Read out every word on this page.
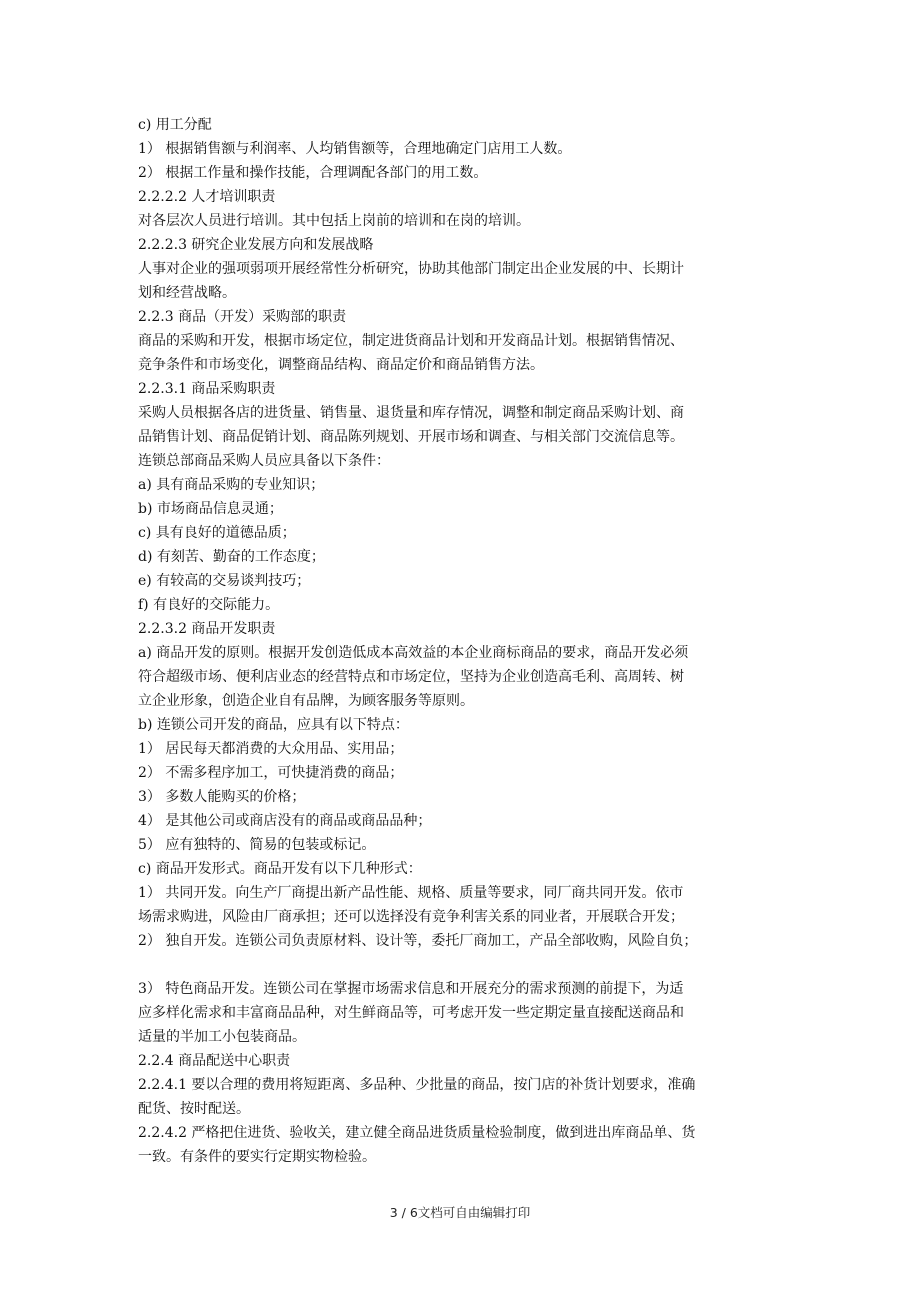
c) 用工分配

1） 根据销售额与利润率、人均销售额等，合理地确定门店用工人数。

2） 根据工作量和操作技能，合理调配各部门的用工数。

2.2.2.2 人才培训职责

对各层次人员进行培训。其中包括上岗前的培训和在岗的培训。

2.2.2.3 研究企业发展方向和发展战略

人事对企业的强项弱项开展经常性分析研究，协助其他部门制定出企业发展的中、长期计

划和经营战略。

2.2.3 商品（开发）采购部的职责

商品的采购和开发，根据市场定位，制定进货商品计划和开发商品计划。根据销售情况、

竞争条件和市场变化，调整商品结构、商品定价和商品销售方法。

2.2.3.1 商品采购职责

采购人员根据各店的进货量、销售量、退货量和库存情况，调整和制定商品采购计划、商

品销售计划、商品促销计划、商品陈列规划、开展市场和调查、与相关部门交流信息等。

连锁总部商品采购人员应具备以下条件：

a) 具有商品采购的专业知识；

b) 市场商品信息灵通；

c) 具有良好的道德品质；

d) 有刻苦、勤奋的工作态度；

e) 有较高的交易谈判技巧；

f) 有良好的交际能力。

2.2.3.2 商品开发职责

a) 商品开发的原则。根据开发创造低成本高效益的本企业商标商品的要求，商品开发必须

符合超级市场、便利店业态的经营特点和市场定位，坚持为企业创造高毛利、高周转、树

立企业形象，创造企业自有品牌，为顾客服务等原则。

b) 连锁公司开发的商品，应具有以下特点：

1） 居民每天都消费的大众用品、实用品；

2） 不需多程序加工，可快捷消费的商品；

3） 多数人能购买的价格；

4） 是其他公司或商店没有的商品或商品品种；

5） 应有独特的、简易的包装或标记。

c) 商品开发形式。商品开发有以下几种形式：

1） 共同开发。向生产厂商提出新产品性能、规格、质量等要求，同厂商共同开发。依市

场需求购进，风险由厂商承担；还可以选择没有竞争利害关系的同业者，开展联合开发；

2） 独自开发。连锁公司负责原材料、设计等，委托厂商加工，产品全部收购，风险自负；

3） 特色商品开发。连锁公司在掌握市场需求信息和开展充分的需求预测的前提下，为适

应多样化需求和丰富商品品种，对生鲜商品等，可考虑开发一些定期定量直接配送商品和

适量的半加工小包装商品。

2.2.4 商品配送中心职责

2.2.4.1 要以合理的费用将短距离、多品种、少批量的商品，按门店的补货计划要求，准确

配货、按时配送。

2.2.4.2 严格把住进货、验收关，建立健全商品进货质量检验制度，做到进出库商品单、货

一致。有条件的要实行定期实物检验。

3 / 6文档可自由编辑打印
